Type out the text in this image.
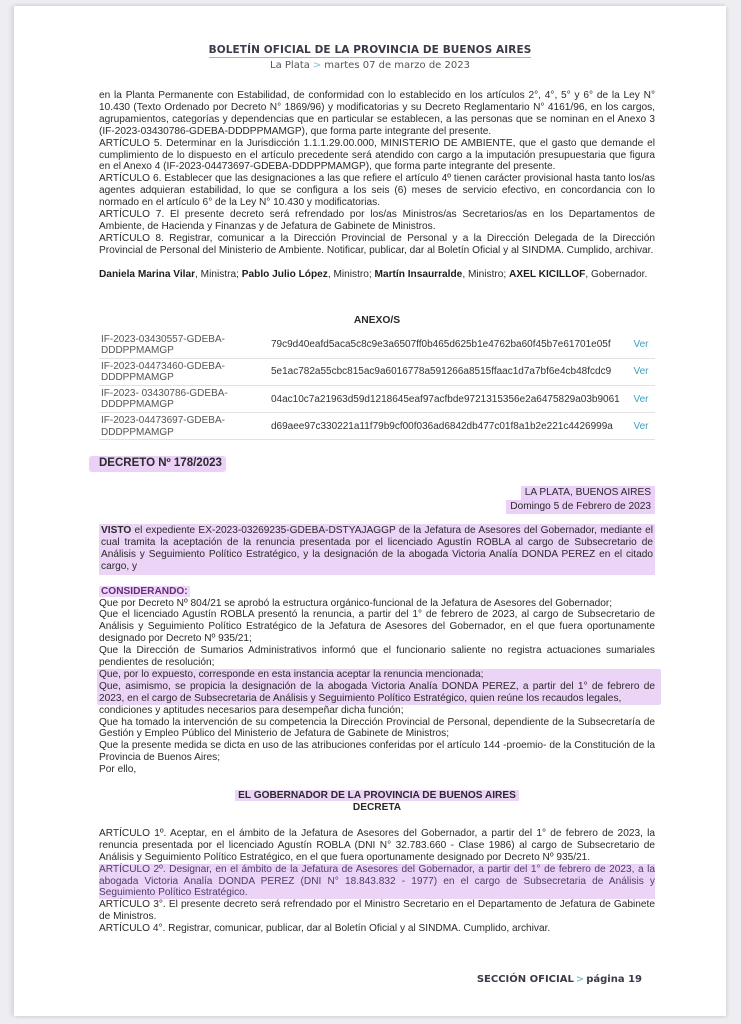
BOLETÍN OFICIAL DE LA PROVINCIA DE BUENOS AIRES
La Plata > martes 07 de marzo de 2023

en la Planta Permanente con Estabilidad, de conformidad con lo establecido en los artículos 2°, 4°, 5° y 6° de la Ley N° 10.430 (Texto Ordenado por Decreto N° 1869/96) y modificatorias y su Decreto Reglamentario N° 4161/96, en los cargos, agrupamientos, categorías y dependencias que en particular se establecen, a las personas que se nominan en el Anexo 3 (IF-2023-03430786-GDEBA-DDDPPMAMGP), que forma parte integrante del presente.

ARTÍCULO 5. Determinar en la Jurisdicción 1.1.1.29.00.000, MINISTERIO DE AMBIENTE, que el gasto que demande el cumplimiento de lo dispuesto en el artículo precedente será atendido con cargo a la imputación presupuestaria que figura en el Anexo 4 (IF-2023-04473697-GDEBA-DDDPPMAMGP), que forma parte integrante del presente.

ARTÍCULO 6. Establecer que las designaciones a las que refiere el artículo 4º tienen carácter provisional hasta tanto los/as agentes adquieran estabilidad, lo que se configura a los seis (6) meses de servicio efectivo, en concordancia con lo normado en el artículo 6° de la Ley N° 10.430 y modificatorias.

ARTÍCULO 7. El presente decreto será refrendado por los/as Ministros/as Secretarios/as en los Departamentos de Ambiente, de Hacienda y Finanzas y de Jefatura de Gabinete de Ministros.

ARTÍCULO 8. Registrar, comunicar a la Dirección Provincial de Personal y a la Dirección Delegada de la Dirección Provincial de Personal del Ministerio de Ambiente. Notificar, publicar, dar al Boletín Oficial y al SINDMA. Cumplido, archivar.

Daniela Marina Vilar, Ministra; Pablo Julio López, Ministro; Martín Insaurralde, Ministro; AXEL KICILLOF, Gobernador.

ANEXO/S
IF-2023-03430557-GDEBA-DDDPPMAMGP	79c9d40eafd5aca5c8c9e3a6507ff0b465d625b1e4762ba60f45b7e61701e05f	Ver
IF-2023-04473460-GDEBA-DDDPPMAMGP	5e1ac782a55cbc815ac9a6016778a591266a8515ffaac1d7a7bf6e4cb48fcdc9	Ver
IF-2023- 03430786-GDEBA-DDDPPMAMGP	04ac10c7a21963d59d1218645eaf97acfbde9721315356e2a6475829a03b9061	Ver
IF-2023-04473697-GDEBA-DDDPPMAMGP	d69aee97c330221a11f79b9cf00f036ad6842db477c01f8a1b2e221c4426999a	Ver
DECRETO Nº 178/2023
LA PLATA, BUENOS AIRES
Domingo 5 de Febrero de 2023

VISTO el expediente EX-2023-03269235-GDEBA-DSTYAJAGGP de la Jefatura de Asesores del Gobernador, mediante el cual tramita la aceptación de la renuncia presentada por el licenciado Agustín ROBLA al cargo de Subsecretario de Análisis y Seguimiento Político Estratégico, y la designación de la abogada Victoria Analía DONDA PEREZ en el citado cargo, y

CONSIDERANDO:

Que por Decreto Nº 804/21 se aprobó la estructura orgánico-funcional de la Jefatura de Asesores del Gobernador;

Que el licenciado Agustín ROBLA presentó la renuncia, a partir del 1° de febrero de 2023, al cargo de Subsecretario de Análisis y Seguimiento Político Estratégico de la Jefatura de Asesores del Gobernador, en el que fuera oportunamente designado por Decreto Nº 935/21;

Que la Dirección de Sumarios Administrativos informó que el funcionario saliente no registra actuaciones sumariales pendientes de resolución;

Que, por lo expuesto, corresponde en esta instancia aceptar la renuncia mencionada;

Que, asimismo, se propicia la designación de la abogada Victoria Analía DONDA PEREZ, a partir del 1° de febrero de 2023, en el cargo de Subsecretaria de Análisis y Seguimiento Político Estratégico, quien reúne los recaudos legales,

condiciones y aptitudes necesarios para desempeñar dicha función;

Que ha tomado la intervención de su competencia la Dirección Provincial de Personal, dependiente de la Subsecretaría de Gestión y Empleo Público del Ministerio de Jefatura de Gabinete de Ministros;

Que la presente medida se dicta en uso de las atribuciones conferidas por el artículo 144 -proemio- de la Constitución de la Provincia de Buenos Aires;

Por ello,

EL GOBERNADOR DE LA PROVINCIA DE BUENOS AIRES

DECRETA

ARTÍCULO 1º. Aceptar, en el ámbito de la Jefatura de Asesores del Gobernador, a partir del 1° de febrero de 2023, la renuncia presentada por el licenciado Agustín ROBLA (DNI N° 32.783.660 - Clase 1986) al cargo de Subsecretario de Análisis y Seguimiento Político Estratégico, en el que fuera oportunamente designado por Decreto Nº 935/21.

ARTÍCULO 2º. Designar, en el ámbito de la Jefatura de Asesores del Gobernador, a partir del 1° de febrero de 2023, a la abogada Victoria Analía DONDA PEREZ (DNI N° 18.843.832 - 1977) en el cargo de Subsecretaria de Análisis y Seguimiento Político Estratégico.

ARTÍCULO 3°. El presente decreto será refrendado por el Ministro Secretario en el Departamento de Jefatura de Gabinete de Ministros.

ARTÍCULO 4°. Registrar, comunicar, publicar, dar al Boletín Oficial y al SINDMA. Cumplido, archivar.

SECCIÓN OFICIAL > página 19
